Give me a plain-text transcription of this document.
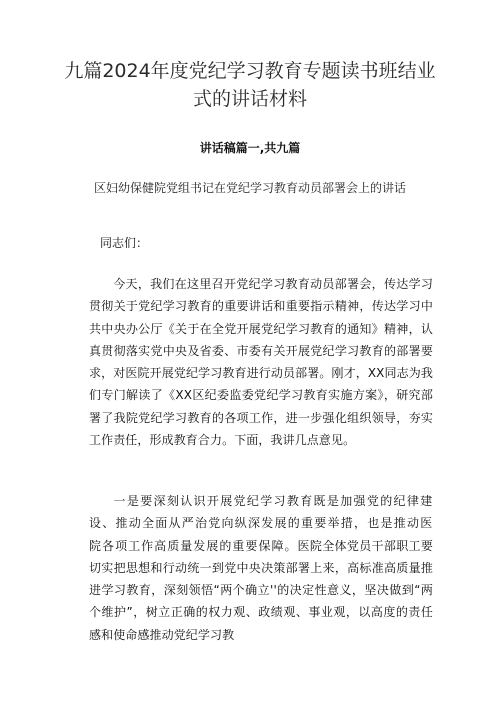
九篇2024年度党纪学习教育专题读书班结业式的讲话材料
讲话稿篇一,共九篇
区妇幼保健院党组书记在党纪学习教育动员部署会上的讲话
同志们：
今天，我们在这里召开党纪学习教育动员部署会，传达学习贯彻关于党纪学习教育的重要讲话和重要指示精神，传达学习中共中央办公厅《关于在全党开展党纪学习教育的通知》精神，认真贯彻落实党中央及省委、市委有关开展党纪学习教育的部署要求，对医院开展党纪学习教育进行动员部署。刚才，XX同志为我们专门解读了《XX区纪委监委党纪学习教育实施方案》，研究部署了我院党纪学习教育的各项工作，进一步强化组织领导，夯实工作责任，形成教育合力。下面，我讲几点意见。
一是要深刻认识开展党纪学习教育既是加强党的纪律建设、推动全面从严治党向纵深发展的重要举措，也是推动医院各项工作高质量发展的重要保障。医院全体党员干部职工要切实把思想和行动统一到党中央决策部署上来，高标准高质量推进学习教育，深刻领悟“两个确立''的决定性意义，坚决做到“两个维护”，树立正确的权力观、政绩观、事业观，以高度的责任感和使命感推动党纪学习教
